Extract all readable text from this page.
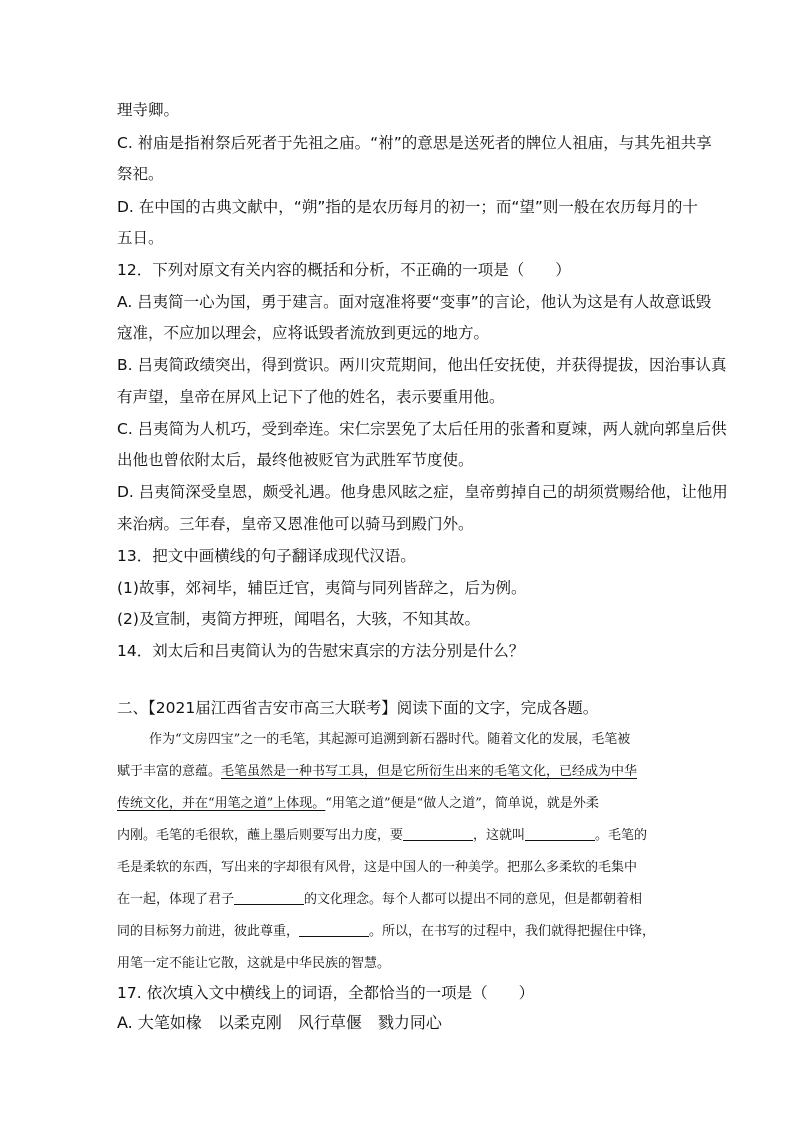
理寺卿。
C. 祔庙是指祔祭后死者于先祖之庙。“祔”的意思是送死者的牌位人祖庙，与其先祖共享
祭祀。
D. 在中国的古典文献中，“朔”指的是农历每月的初一；而“望”则一般在农历每月的十
五日。
12．下列对原文有关内容的概括和分析，不正确的一项是（　　）
A. 吕夷简一心为国，勇于建言。面对寇准将要“变事”的言论，他认为这是有人故意诋毁
寇准，不应加以理会，应将诋毁者流放到更远的地方。
B. 吕夷简政绩突出，得到赏识。两川灾荒期间，他出任安抚使，并获得提拔，因治事认真
有声望，皇帝在屏风上记下了他的姓名，表示要重用他。
C. 吕夷简为人机巧，受到牵连。宋仁宗罢免了太后任用的张耆和夏竦，两人就向郭皇后供
出他也曾依附太后，最终他被贬官为武胜军节度使。
D. 吕夷简深受皇恩，颇受礼遇。他身患风眩之症，皇帝剪掉自己的胡须赏赐给他，让他用
来治病。三年春，皇帝又恩准他可以骑马到殿门外。
13．把文中画横线的句子翻译成现代汉语。
(1)故事，郊祠毕，辅臣迁官，夷简与同列皆辞之，后为例。
(2)及宣制，夷简方押班，闻唱名，大骇，不知其故。
14．刘太后和吕夷简认为的告慰宋真宗的方法分别是什么？
二、【2021届江西省吉安市高三大联考】阅读下面的文字，完成各题。
作为“文房四宝”之一的毛笔，其起源可追溯到新石器时代。随着文化的发展，毛笔被
赋于丰富的意蕴。毛笔虽然是一种书写工具，但是它所衍生出来的毛笔文化，已经成为中华
传统文化，并在“用笔之道”上体现。“用笔之道”便是“做人之道”，简单说，就是外柔
内刚。毛笔的毛很软，蘸上墨后则要写出力度，要	，这就叫	。毛笔的
毛是柔软的东西，写出来的字却很有风骨，这是中国人的一种美学。把那么多柔软的毛集中
在一起，体现了君子	的文化理念。每个人都可以提出不同的意见，但是都朝着相
同的目标努力前进，彼此尊重，	。所以，在书写的过程中，我们就得把握住中锋，
用笔一定不能让它散，这就是中华民族的智慧。
17. 依次填入文中横线上的词语，全都恰当的一项是（　　）
A. 大笔如椽　以柔克刚　风行草偃　戮力同心
